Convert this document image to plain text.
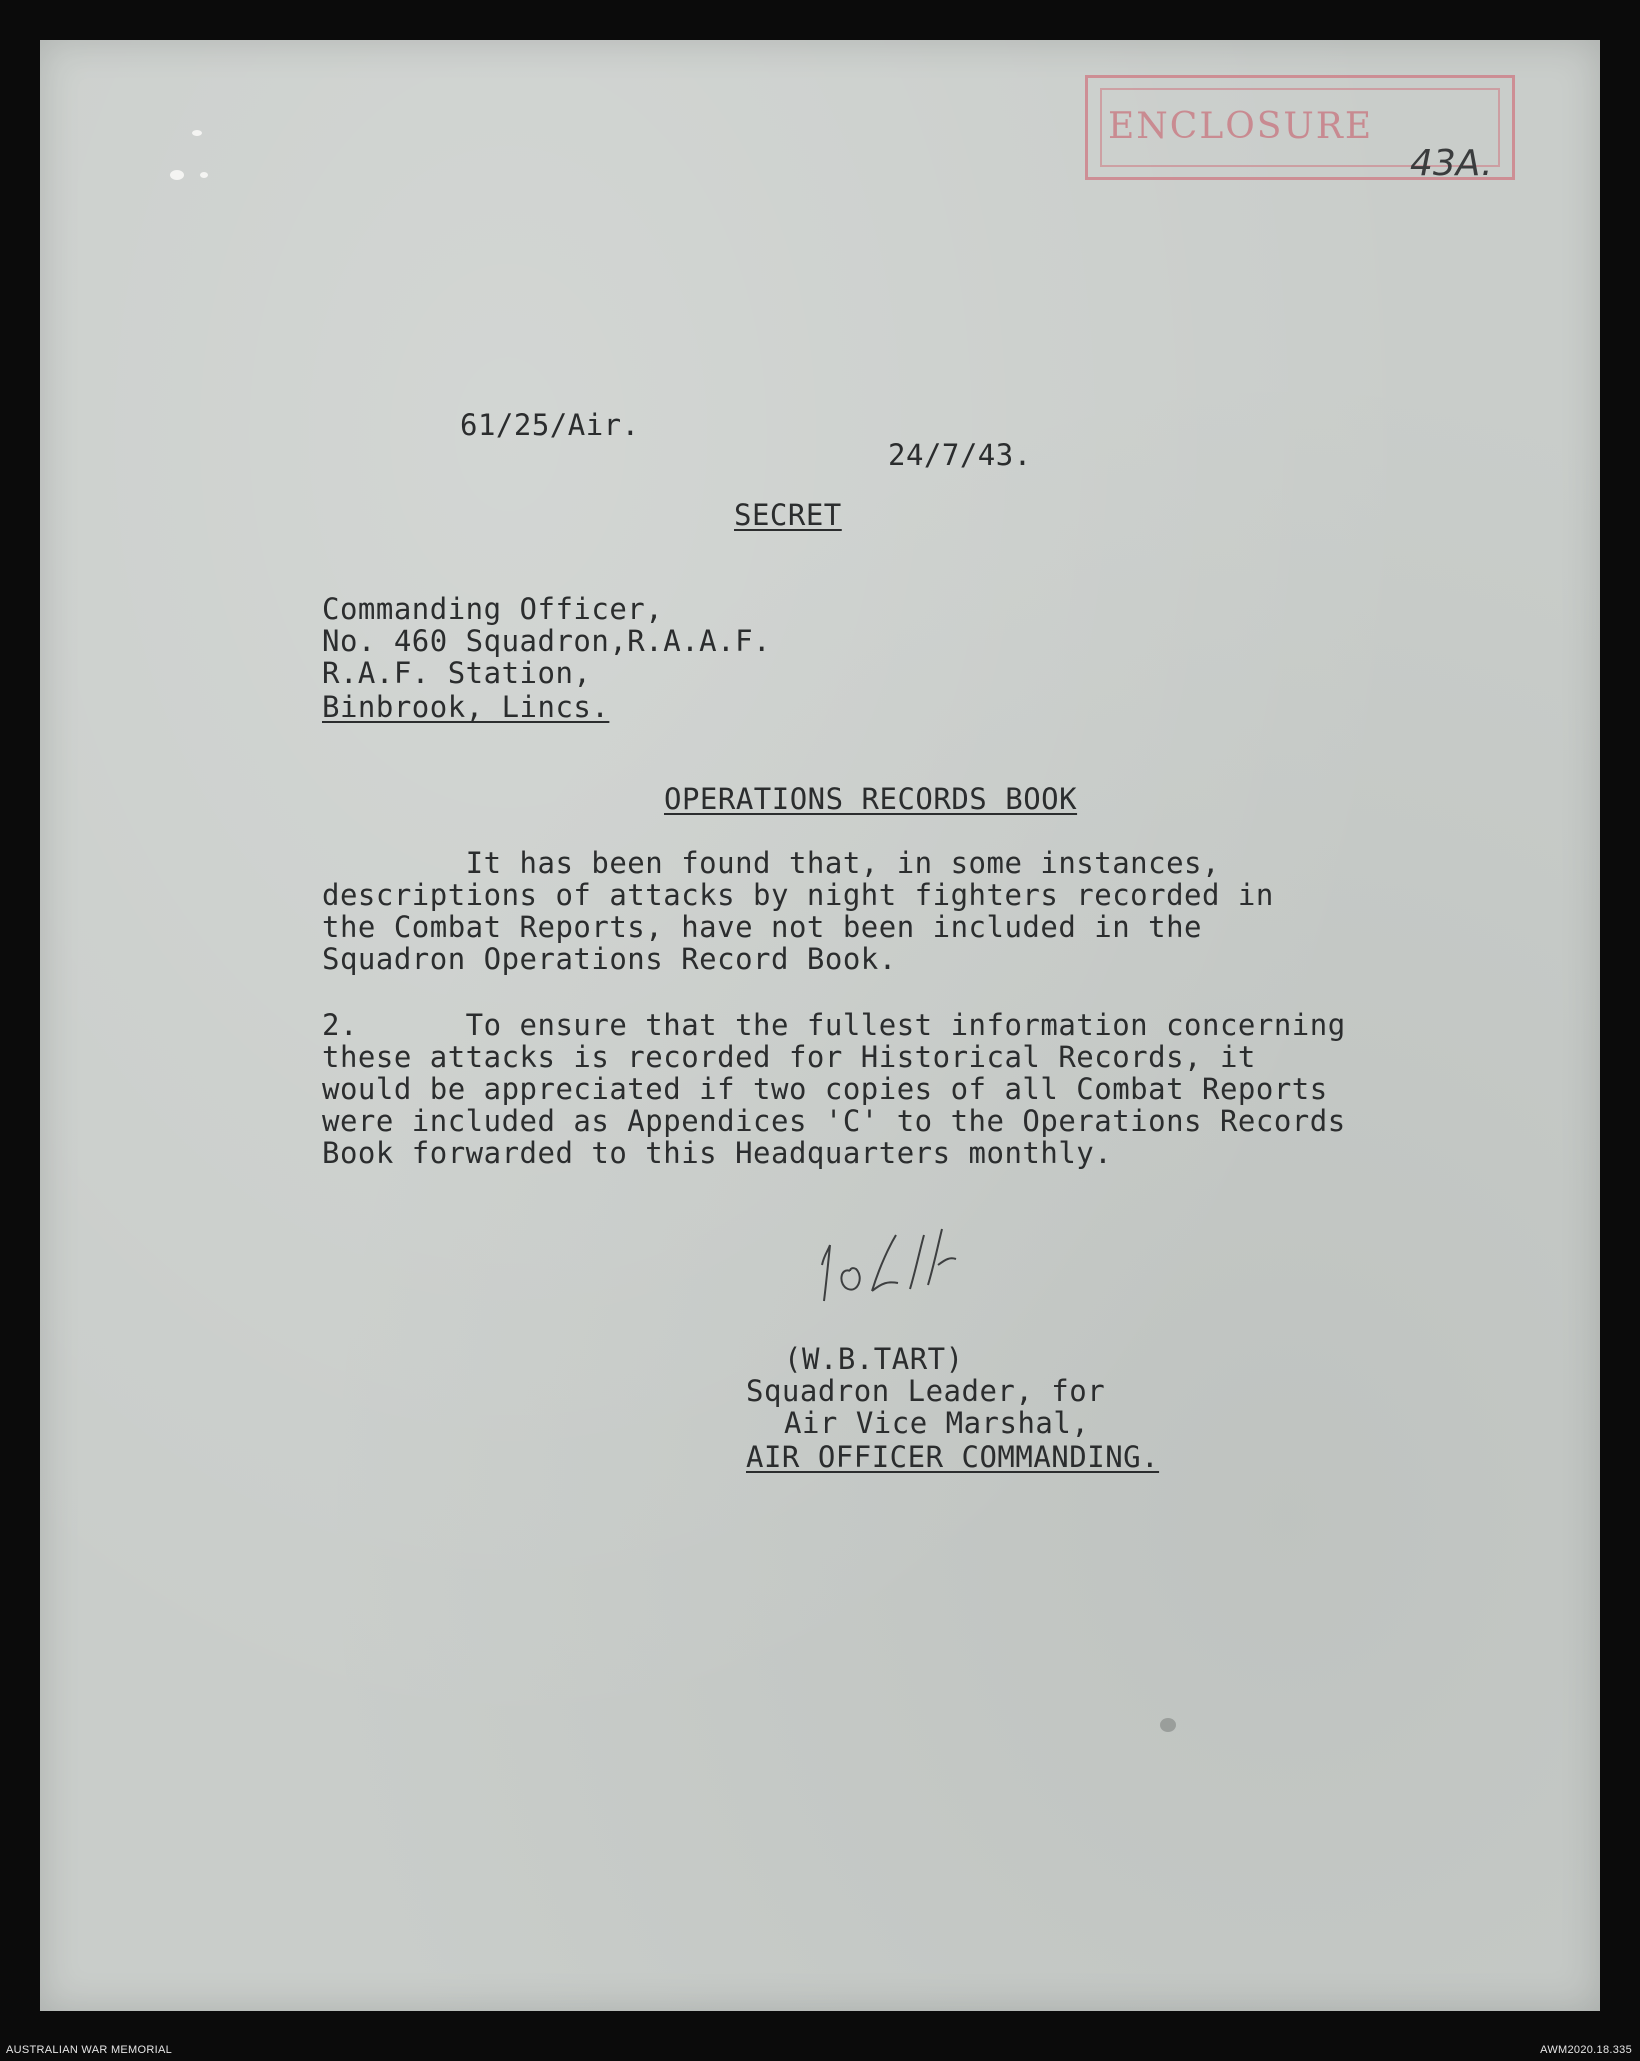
ENCLOSURE
43A.
61/25/Air.
24/7/43.
SECRET
Commanding Officer,
No. 460 Squadron,R.A.A.F.
R.A.F. Station,
Binbrook, Lincs.
OPERATIONS RECORDS BOOK
It has been found that, in some instances,
descriptions of attacks by night fighters recorded in
the Combat Reports, have not been included in the
Squadron Operations Record Book.
2.      To ensure that the fullest information concerning
these attacks is recorded for Historical Records, it
would be appreciated if two copies of all Combat Reports
were included as Appendices 'C' to the Operations Records
Book forwarded to this Headquarters monthly.
(W.B.TART)
Squadron Leader, for
Air Vice Marshal,
AIR OFFICER COMMANDING.
AUSTRALIAN WAR MEMORIAL	AWM2020.18.335
